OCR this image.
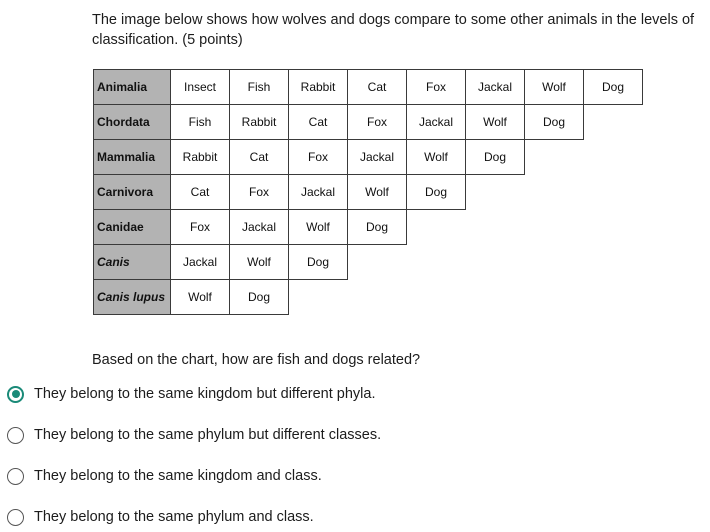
The image below shows how wolves and dogs compare to some other animals in the levels of classification. (5 points)
Animalia	Insect	Fish	Rabbit	Cat	Fox	Jackal	Wolf	Dog
Chordata	Fish	Rabbit	Cat	Fox	Jackal	Wolf	Dog	
Mammalia	Rabbit	Cat	Fox	Jackal	Wolf	Dog		
Carnivora	Cat	Fox	Jackal	Wolf	Dog			
Canidae	Fox	Jackal	Wolf	Dog				
Canis	Jackal	Wolf	Dog					
Canis lupus	Wolf	Dog						
Based on the chart, how are fish and dogs related?
They belong to the same kingdom but different phyla.
They belong to the same phylum but different classes.
They belong to the same kingdom and class.
They belong to the same phylum and class.
